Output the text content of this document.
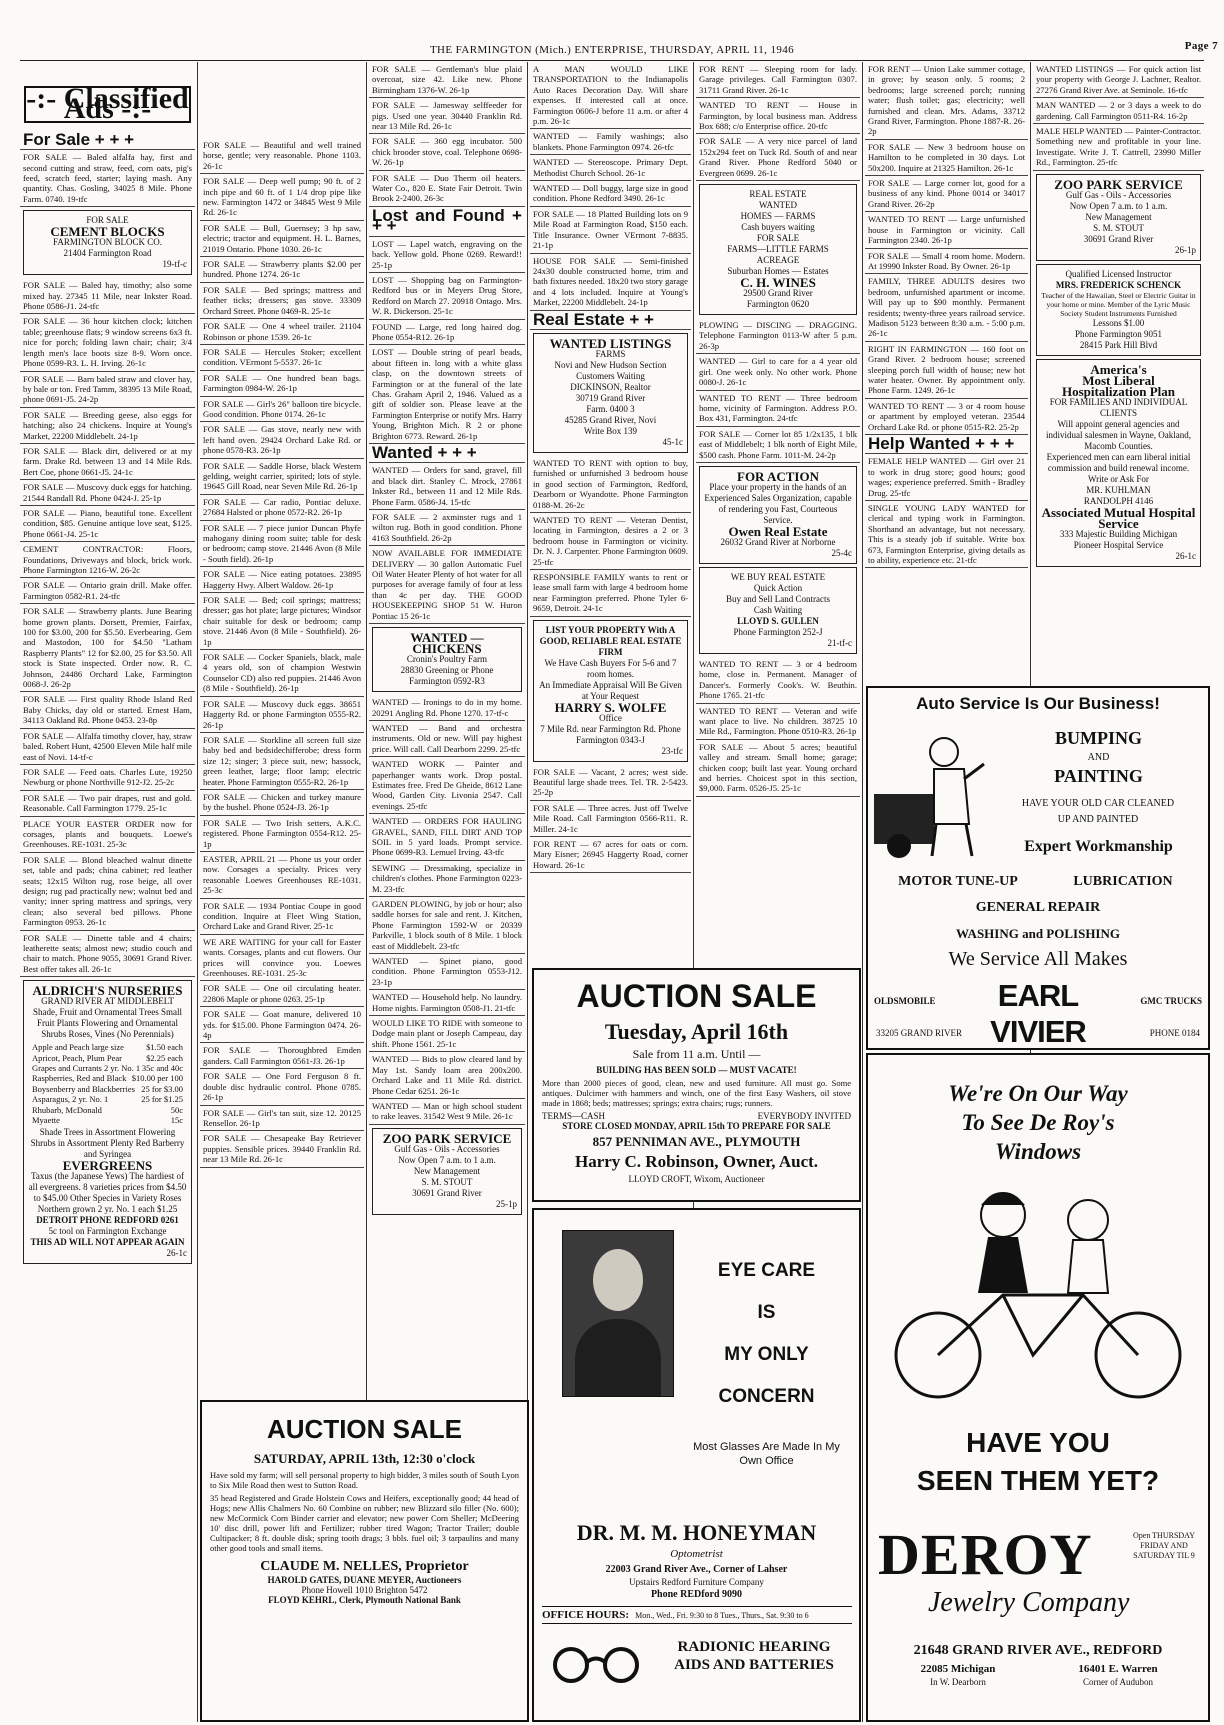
THE FARMINGTON (Mich.) ENTERPRISE, THURSDAY, APRIL 11, 1946	Page 7
-:- Classified Ads -:-
For Sale + + +
FOR SALE — Baled alfalfa hay, first and second cutting and straw, feed, corn oats, pig's feed, scratch feed, starter; laying mash. Any quantity. Chas. Gosling, 34025 8 Mile. Phone Farm. 0740. 19-tfc
FOR SALE
CEMENT BLOCKS
FARMINGTON BLOCK CO.
21404 Farmington Road
19-tf-c
FOR SALE — Baled hay, timothy; also some mixed hay. 27345 11 Mile, near Inkster Road. Phone 0586-J1. 24-tfc
FOR SALE — 36 hour kitchen clock; kitchen table; greenhouse flats; 9 window screens 6x3 ft. nice for porch; folding lawn chair; chair; 3/4 length men's lace boots size 8-9. Worn once. Phone 0599-R3. L. H. Irving. 26-1c
FOR SALE — Barn baled straw and clover hay, by bale or ton. Fred Tamm, 38395 13 Mile Road, phone 0691-J5. 24-2p
FOR SALE — Breeding geese, also eggs for hatching; also 24 chickens. Inquire at Young's Market, 22200 Middlebelt. 24-1p
FOR SALE — Black dirt, delivered or at my farm. Drake Rd. between 13 and 14 Mile Rds. Bert Coe, phone 0661-J5. 24-1c
FOR SALE — Muscovy duck eggs for hatching. 21544 Randall Rd. Phone 0424-J. 25-1p
FOR SALE — Piano, beautiful tone. Excellent condition, $85. Genuine antique love seat, $125. Phone 0661-J4. 25-1c
CEMENT CONTRACTOR: Floors, Foundations, Driveways and block, brick work. Phone Farmington 1216-W. 26-2c
FOR SALE — Ontario grain drill. Make offer. Farmington 0582-R1. 24-tfc
FOR SALE — Strawberry plants. June Bearing home grown plants. Dorsett, Premier, Fairfax, 100 for $3.00, 200 for $5.50. Everbearing. Gem and Mastodon, 100 for $4.50 "Latham Raspberry Plants" 12 for $2.00, 25 for $3.50. All stock is State inspected. Order now. R. C. Johnson, 24486 Orchard Lake, Farmington 0068-J. 26-2p
FOR SALE — First quality Rhode Island Red Baby Chicks, day old or started. Ernest Ham, 34113 Oakland Rd. Phone 0453. 23-8p
FOR SALE — Alfalfa timothy clover, hay, straw baled. Robert Hunt, 42500 Eleven Mile half mile east of Novi. 14-tf-c
FOR SALE — Feed oats. Charles Lute, 19250 Newburg or phone Northville 912-J2. 25-2c
FOR SALE — Two pair drapes, rust and gold. Reasonable. Call Farmington 1779. 25-1c
PLACE YOUR EASTER ORDER now for corsages, plants and bouquets. Loewe's Greenhouses. RE-1031. 25-3c
FOR SALE — Blond bleached walnut dinette set, table and pads; china cabinet; red leather seats; 12x15 Wilton rug, rose beige, all over design; rug pad practically new; walnut bed and vanity; inner spring mattress and springs, very clean; also several bed pillows. Phone Farmington 0953. 26-1c
FOR SALE — Dinette table and 4 chairs; leatherette seats; almost new; studio couch and chair to match. Phone 9055, 30691 Grand River. Best offer takes all. 26-1c
ALDRICH'S NURSERIES
GRAND RIVER AT MIDDLEBELT
Shade, Fruit and Ornamental Trees Small Fruit Plants Flowering and Ornamental Shrubs Roses, Vines (No Perennials)
Apple and Peach large size	$1.50 each
Apricot, Peach, Plum Pear	$2.25 each
Grapes and Currants 2 yr. No. 1 35c and 40c
Raspberries, Red and Black $10.00 per 100
Boysenberry and Blackberries 25 for $3.00
Asparagus, 2 yr. No. 1	25 for $1.25
Rhubarb, McDonald	50c
Myaette	15c
Shade Trees in Assortment Flowering Shrubs in Assortment Plenty Red Barberry and Syringea
EVERGREENS
Taxus (the Japanese Yews) The hardiest of all evergreens. 8 varieties prices from $4.50 to $45.00 Other Species in Variety Roses Northern grown 2 yr. No. 1 each $1.25
DETROIT PHONE REDFORD 0261
5c tool on Farmington Exchange
THIS AD WILL NOT APPEAR AGAIN
26-1c
FOR SALE — Beautiful and well trained horse, gentle; very reasonable. Phone 1103. 26-1c
FOR SALE — Deep well pump; 90 ft. of 2 inch pipe and 60 ft. of 1 1/4 drop pipe like new. Farmington 1472 or 34845 West 9 Mile Rd. 26-1c
FOR SALE — Bull, Guernsey; 3 hp saw, electric; tractor and equipment. H. L. Barnes, 21019 Ontario. Phone 1030. 26-1c
FOR SALE — Strawberry plants $2.00 per hundred. Phone 1274. 26-1c
FOR SALE — Bed springs; mattress and feather ticks; dressers; gas stove. 33309 Orchard Street. Phone 0469-R. 25-1c
FOR SALE — One 4 wheel trailer. 21104 Robinson or phone 1539. 26-1c
FOR SALE — Hercules Stoker; excellent condition. VErmont 5-5537. 26-1c
FOR SALE — One hundred bean bags. Farmington 0984-W. 26-1p
FOR SALE — Girl's 26" balloon tire bicycle. Good condition. Phone 0174. 26-1c
FOR SALE — Gas stove, nearly new with left hand oven. 29424 Orchard Lake Rd. or phone 0578-R3. 26-1p
FOR SALE — Saddle Horse, black Western gelding, weight carrier, spirited; lots of style. 19645 Gill Road, near Seven Mile Rd. 26-1p
FOR SALE — Car radio, Pontiac deluxe. 27684 Halsted or phone 0572-R2. 26-1p
FOR SALE — 7 piece junior Duncan Phyfe mahogany dining room suite; table for desk or bedroom; camp stove. 21446 Avon (8 Mile - South field). 26-1p
FOR SALE — Nice eating potatoes. 23895 Haggerty Hwy. Albert Waldow. 26-1p
FOR SALE — Bed; coil springs; mattress; dresser; gas hot plate; large pictures; Windsor chair suitable for desk or bedroom; camp stove. 21446 Avon (8 Mile - Southfield). 26-1p
FOR SALE — Cocker Spaniels, black, male 4 years old, son of champion Westwin Counselor CD) also red puppies. 21446 Avon (8 Mile - Southfield). 26-1p
FOR SALE — Muscovy duck eggs. 38651 Haggerty Rd. or phone Farmington 0555-R2. 26-1p
FOR SALE — Storkline all screen full size baby bed and bedsidechifferobe; dress form size 12; singer; 3 piece suit, new; hassock, green leather, large; floor lamp; electric heater. Phone Farmington 0555-R2. 26-1p
FOR SALE — Chicken and turkey manure by the bushel. Phone 0524-J3. 26-1p
FOR SALE — Two Irish setters, A.K.C. registered. Phone Farmington 0554-R12. 25-1p
EASTER, APRIL 21 — Phone us your order now. Corsages a specialty. Prices very reasonable Loewes Greenhouses RE-1031. 25-3c
FOR SALE — 1934 Pontiac Coupe in good condition. Inquire at Fleet Wing Station, Orchard Lake and Grand River. 25-1c
WE ARE WAITING for your call for Easter wants. Corsages, plants and cut flowers. Our prices will convince you. Loewes Greenhouses. RE-1031. 25-3c
FOR SALE — One oil circulating heater. 22806 Maple or phone 0263. 25-1p
FOR SALE — Goat manure, delivered 10 yds. for $15.00. Phone Farmington 0474. 26-4p
FOR SALE — Thoroughbred Emden ganders. Call Farmington 0561-J3. 26-1p
FOR SALE — One Ford Ferguson 8 ft. double disc hydraulic control. Phone 0785. 26-1p
FOR SALE — Girl's tan suit, size 12. 20125 Rensellor. 26-1p
FOR SALE — Chesapeake Bay Retriever puppies. Sensible prices. 39440 Franklin Rd. near 13 Mile Rd. 26-1c
FOR SALE — Gentleman's blue plaid overcoat, size 42. Like new. Phone Birmingham 1376-W. 26-1p
FOR SALE — Jamesway selffeeder for pigs. Used one year. 30440 Franklin Rd. near 13 Mile Rd. 26-1c
FOR SALE — 360 egg incubator. 500 chick brooder stove, coal. Telephone 0698-W. 26-1p
FOR SALE — Duo Therm oil heaters. Water Co., 820 E. State Fair Detroit. Twin Brook 2-2400. 26-3c
Lost and Found + + +
LOST — Lapel watch, engraving on the back. Yellow gold. Phone 0269. Reward!! 25-1p
LOST — Shopping bag on Farmington-Redford bus or in Meyers Drug Store, Redford on March 27. 20918 Ontago. Mrs. W. R. Dickerson. 25-1c
FOUND — Large, red long haired dog. Phone 0554-R12. 26-1p
LOST — Double string of pearl beads, about fifteen in. long with a white glass clasp, on the downtown streets of Farmington or at the funeral of the late Chas. Graham April 2, 1946. Valued as a gift of soldier son. Please leave at the Farmington Enterprise or notify Mrs. Harry Young, Brighton Mich. R 2 or phone Brighton 6773. Reward. 26-1p
Wanted + + +
WANTED — Orders for sand, gravel, fill and black dirt. Stanley C. Mrock, 27861 Inkster Rd., between 11 and 12 Mile Rds. Phone Farm. 0586-J4. 15-tfc
FOR SALE — 2 axminster rugs and 1 wilton rug. Both in good condition. Phone 4163 Southfield. 26-2p
NOW AVAILABLE FOR IMMEDIATE DELIVERY — 30 gallon Automatic Fuel Oil Water Heater Plenty of hot water for all purposes for average family of four at less than 4c per day. THE GOOD HOUSEKEEPING SHOP 51 W. Huron Pontiac 15 26-1c
WANTED — CHICKENS
Cronin's Poultry Farm
28830 Greening or Phone
Farmington 0592-R3
WANTED — Ironings to do in my home. 20291 Angling Rd. Phone 1270. 17-tf-c
WANTED — Band and orchestra instruments. Old or new. Will pay highest price. Will call. Call Dearborn 2299. 25-tfc
WANTED WORK — Painter and paperhanger wants work. Drop postal. Estimates free. Fred De Gheide, 8612 Lane Wood, Garden City. Livonia 2547. Call evenings. 25-tfc
WANTED — ORDERS FOR HAULING GRAVEL, SAND, FILL DIRT AND TOP SOIL in 5 yard loads. Prompt service. Phone 0699-R3. Lemuel Irving. 43-tfc
SEWING — Dressmaking, specialize in children's clothes. Phone Farmington 0223-M. 23-tfc
GARDEN PLOWING, by job or hour; also saddle horses for sale and rent. J. Kitchen, Phone Farmington 1592-W or 20339 Parkville, 1 block south of 8 Mile. 1 block east of Middlebelt. 23-tfc
WANTED — Spinet piano, good condition. Phone Farmington 0553-J12. 23-1p
WANTED — Household help. No laundry. Home nights. Farmington 0508-J1. 21-tfc
WOULD LIKE TO RIDE with someone to Dodge main plant or Joseph Campeau, day shift. Phone 1561. 25-1c
WANTED — Bids to plow cleared land by May 1st. Sandy loam area 200x200. Orchard Lake and 11 Mile Rd. district. Phone Cedar 6251. 26-1c
WANTED — Man or high school student to rake leaves. 31542 West 9 Mile. 26-1c
ZOO PARK SERVICE
Gulf Gas - Oils - Accessories
Now Open 7 a.m. to 1 a.m.
New Management
S. M. STOUT
30691 Grand River
25-1p
A MAN WOULD LIKE TRANSPORTATION to the Indianapolis Auto Races Decoration Day. Will share expenses. If interested call at once. Farmington 0606-J before 11 a.m. or after 4 p.m. 26-1c
WANTED — Family washings; also blankets. Phone Farmington 0974. 26-tfc
WANTED — Stereoscope. Primary Dept. Methodist Church School. 26-1c
WANTED — Doll buggy, large size in good condition. Phone Redford 3490. 26-1c
FOR SALE — 18 Platted Building lots on 9 Mile Road at Farmington Road, $150 each. Title Insurance. Owner VErmont 7-8835. 21-1p
HOUSE FOR SALE — Semi-finished 24x30 double constructed home, trim and bath fixtures needed. 18x20 two story garage and 4 lots included. Inquire at Young's Market, 22200 Middlebelt. 24-1p
Real Estate + +
WANTED LISTINGS
FARMS
Novi and New Hudson Section Customers Waiting
DICKINSON, Realtor
30719 Grand River
Farm. 0400 3
45285 Grand River, Novi
Write Box 139
45-1c
WANTED TO RENT with option to buy, furnished or unfurnished 3 bedroom house in good section of Farmington, Redford, Dearborn or Wyandotte. Phone Farmington 0188-M. 26-2c
WANTED TO RENT — Veteran Dentist, locating in Farmington, desires a 2 or 3 bedroom house in Farmington or vicinity. Dr. N. J. Carpenter. Phone Farmington 0609. 25-tfc
RESPONSIBLE FAMILY wants to rent or lease small farm with large 4 bedroom home near Farmington preferred. Phone Tyler 6-9659, Detroit. 24-1c
LIST YOUR PROPERTY With A GOOD, RELIABLE REAL ESTATE FIRM
We Have Cash Buyers For 5-6 and 7 room homes.
An Immediate Appraisal Will Be Given at Your Request
HARRY S. WOLFE
Office
7 Mile Rd. near Farmington Rd. Phone Farmington 0343-J
23-tfc
FOR SALE — Vacant, 2 acres; west side. Beautiful large shade trees. Tel. TR. 2-5423. 25-2p
FOR SALE — Three acres. Just off Twelve Mile Road. Call Farmington 0566-R11. R. Miller. 24-1c
FOR RENT — 67 acres for oats or corn. Mary Eisner; 26945 Haggerty Road, corner Howard. 26-1c
FOR RENT — Sleeping room for lady. Garage privileges. Call Farmington 0307. 31711 Grand River. 26-1c
WANTED TO RENT — House in Farmington, by local business man. Address Box 688; c/o Enterprise office. 20-tfc
FOR SALE — A very nice parcel of land 152x294 feet on Tuck Rd. South of and near Grand River. Phone Redford 5040 or Evergreen 0699. 26-1c
REAL ESTATE
WANTED
HOMES — FARMS
Cash buyers waiting
FOR SALE
FARMS—LITTLE FARMS
ACREAGE
Suburban Homes — Estates
C. H. WINES
29500 Grand River
Farmington 0620
PLOWING — DISCING — DRAGGING. Telephone Farmington 0113-W after 5 p.m. 26-3p
WANTED — Girl to care for a 4 year old girl. One week only. No other work. Phone 0080-J. 26-1c
WANTED TO RENT — Three bedroom home, vicinity of Farmington. Address P.O. Box 431, Farmington. 24-tfc
FOR SALE — Corner lot 85 1/2x135, 1 blk east of Middlebelt; 1 blk north of Eight Mile, $500 cash. Phone Farm. 1011-M. 24-2p
FOR ACTION
Place your property in the hands of an Experienced Sales Organization, capable of rendering you Fast, Courteous Service.
Owen Real Estate
26032 Grand River at Norborne
25-4c
WE BUY REAL ESTATE
Quick Action
Buy and Sell Land Contracts
Cash Waiting
LLOYD S. GULLEN
Phone Farmington 252-J
21-tf-c
WANTED TO RENT — 3 or 4 bedroom home, close in. Permanent. Manager of Dancer's. Formerly Cook's. W. Beuthin. Phone 1765. 21-tfc
WANTED TO RENT — Veteran and wife want place to live. No children. 38725 10 Mile Rd., Farmington. Phone 0510-R3. 26-1p
FOR SALE — About 5 acres; beautiful valley and stream. Small home; garage; chicken coop; built last year. Young orchard and berries. Choicest spot in this section, $9,000. Farm. 0526-J5. 25-1c
FOR RENT — Union Lake summer cottage, in grove; by season only. 5 rooms; 2 bedrooms; large screened porch; running water; flush toilet; gas; electricity; well furnished and clean. Mrs. Adams, 33712 Grand River, Farmington. Phone 1887-R. 26-2p
FOR SALE — New 3 bedroom house on Hamilton to be completed in 30 days. Lot 50x200. Inquire at 21325 Hamilton. 26-1c
FOR SALE — Large corner lot, good for a business of any kind. Phone 0014 or 34017 Grand River. 26-2p
WANTED TO RENT — Large unfurnished house in Farmington or vicinity. Call Farmington 2340. 26-1p
FOR SALE — Small 4 room home. Modern. At 19990 Inkster Road. By Owner. 26-1p
FAMILY, THREE ADULTS desires two bedroom, unfurnished apartment or income. Will pay up to $90 monthly. Permanent residents; twenty-three years railroad service. Madison 5123 between 8:30 a.m. - 5:00 p.m. 26-1c
RIGHT IN FARMINGTON — 160 foot on Grand River. 2 bedroom house; screened sleeping porch full width of house; new hot water heater. Owner. By appointment only. Phone Farm. 1249. 26-1c
WANTED TO RENT — 3 or 4 room house or apartment by employed veteran. 23544 Orchard Lake Rd. or phone 0515-R2. 25-2p
Help Wanted + + +
FEMALE HELP WANTED — Girl over 21 to work in drug store; good hours; good wages; experience preferred. Smith - Bradley Drug. 25-tfc
SINGLE YOUNG LADY WANTED for clerical and typing work in Farmington. Shorthand an advantage, but not necessary. This is a steady job if suitable. Write box 673, Farmington Enterprise, giving details as to ability, experience etc. 21-tfc
WANTED LISTINGS — For quick action list your property with George J. Lachner, Realtor. 27276 Grand River Ave. at Seminole. 16-tfc
MAN WANTED — 2 or 3 days a week to do gardening. Call Farmington 0511-R4. 16-2p
MALE HELP WANTED — Painter-Contractor. Something new and profitable in your line. Investigate. Write J. T. Cattrell, 23990 Miller Rd., Farmington. 25-tfc
ZOO PARK SERVICE
Gulf Gas - Oils - Accessories
Now Open 7 a.m. to 1 a.m.
New Management
S. M. STOUT
30691 Grand River
26-1p
Qualified Licensed Instructor
MRS. FREDERICK SCHENCK
Teacher of the Hawaiian, Steel or Electric Guitar in your home or mine. Member of the Lyric Music Society Student Instruments Furnished
Lessons $1.00
Phone Farmington 9051
28415 Park Hill Blvd
America's
Most Liberal
Hospitalization Plan
FOR FAMILIES AND INDIVIDUAL CLIENTS
Will appoint general agencies and individual salesmen in Wayne, Oakland, Macomb Counties.
Experienced men can earn liberal initial commission and build renewal income.
Write or Ask For
MR. KUHLMAN
RANDOLPH 4146
Associated Mutual Hospital Service
333 Majestic Building Michigan
Pioneer Hospital Service
26-1c
AUCTION SALE
Tuesday, April 16th
Sale from 11 a.m. Until —
BUILDING HAS BEEN SOLD — MUST VACATE!

More than 2000 pieces of good, clean, new and used furniture. All must go. Some antiques. Dulcimer with hammers and winch, one of the first Easy Washers, oil stove made in 1868; beds; mattresses; springs; extra chairs; rugs; runners.

TERMS—CASH	EVERYBODY INVITED
STORE CLOSED MONDAY, APRIL 15th TO PREPARE FOR SALE
857 PENNIMAN AVE., PLYMOUTH
Harry C. Robinson, Owner, Auct.
LLOYD CROFT, Wixom, Auctioneer
AUCTION SALE
SATURDAY, APRIL 13th, 12:30 o'clock

Have sold my farm; will sell personal property to high bidder, 3 miles south of South Lyon to Six Mile Road then west to Sutton Road.

35 head Registered and Grade Holstein Cows and Heifers, exceptionally good; 44 head of Hogs; new Allis Chalmers No. 60 Combine on rubber; new Blizzard silo filler (No. 600); new McCormick Corn Binder carrier and elevator; new power Corn Sheller; McDeering 10' disc drill, power lift and Fertilizer; rubber tired Wagon; Tractor Trailer; double Cultipacker; 8 ft. double disk; spring tooth drags; 3 bbls. fuel oil; 3 tarpaulins and many other good tools and small items.

CLAUDE M. NELLES, Proprietor
HAROLD GATES, DUANE MEYER, Auctioneers
Phone Howell 1010 Brighton 5472
FLOYD KEHRL, Clerk, Plymouth National Bank
EYE CARE
IS
MY ONLY
CONCERN
Most Glasses Are Made In My Own Office
DR. M. M. HONEYMAN
Optometrist
22003 Grand River Ave., Corner of Lahser
Upstairs Redford Furniture Company
Phone REDford 9090
OFFICE HOURS: Mon., Wed., Fri. 9:30 to 8 Tues., Thurs., Sat. 9:30 to 6
RADIONIC HEARING AIDS AND BATTERIES
Auto Service Is Our Business!
BUMPING
AND
PAINTING
HAVE YOUR OLD CAR CLEANED UP AND PAINTED
Expert Workmanship
MOTOR TUNE-UP	LUBRICATION
GENERAL REPAIR
WASHING and POLISHING
We Service All Makes
OLDSMOBILE	EARL VIVIER
GMC TRUCKS
33205 GRAND RIVER	PHONE 0184
We're On Our Way
To See De Roy's
Windows
HAVE YOU
SEEN THEM YET?
DEROY	Open THURSDAY FRIDAY AND SATURDAY TIL 9
Jewelry Company
21648 GRAND RIVER AVE., REDFORD
22085 Michigan
In W. Dearborn
16401 E. Warren
Corner of Audubon
